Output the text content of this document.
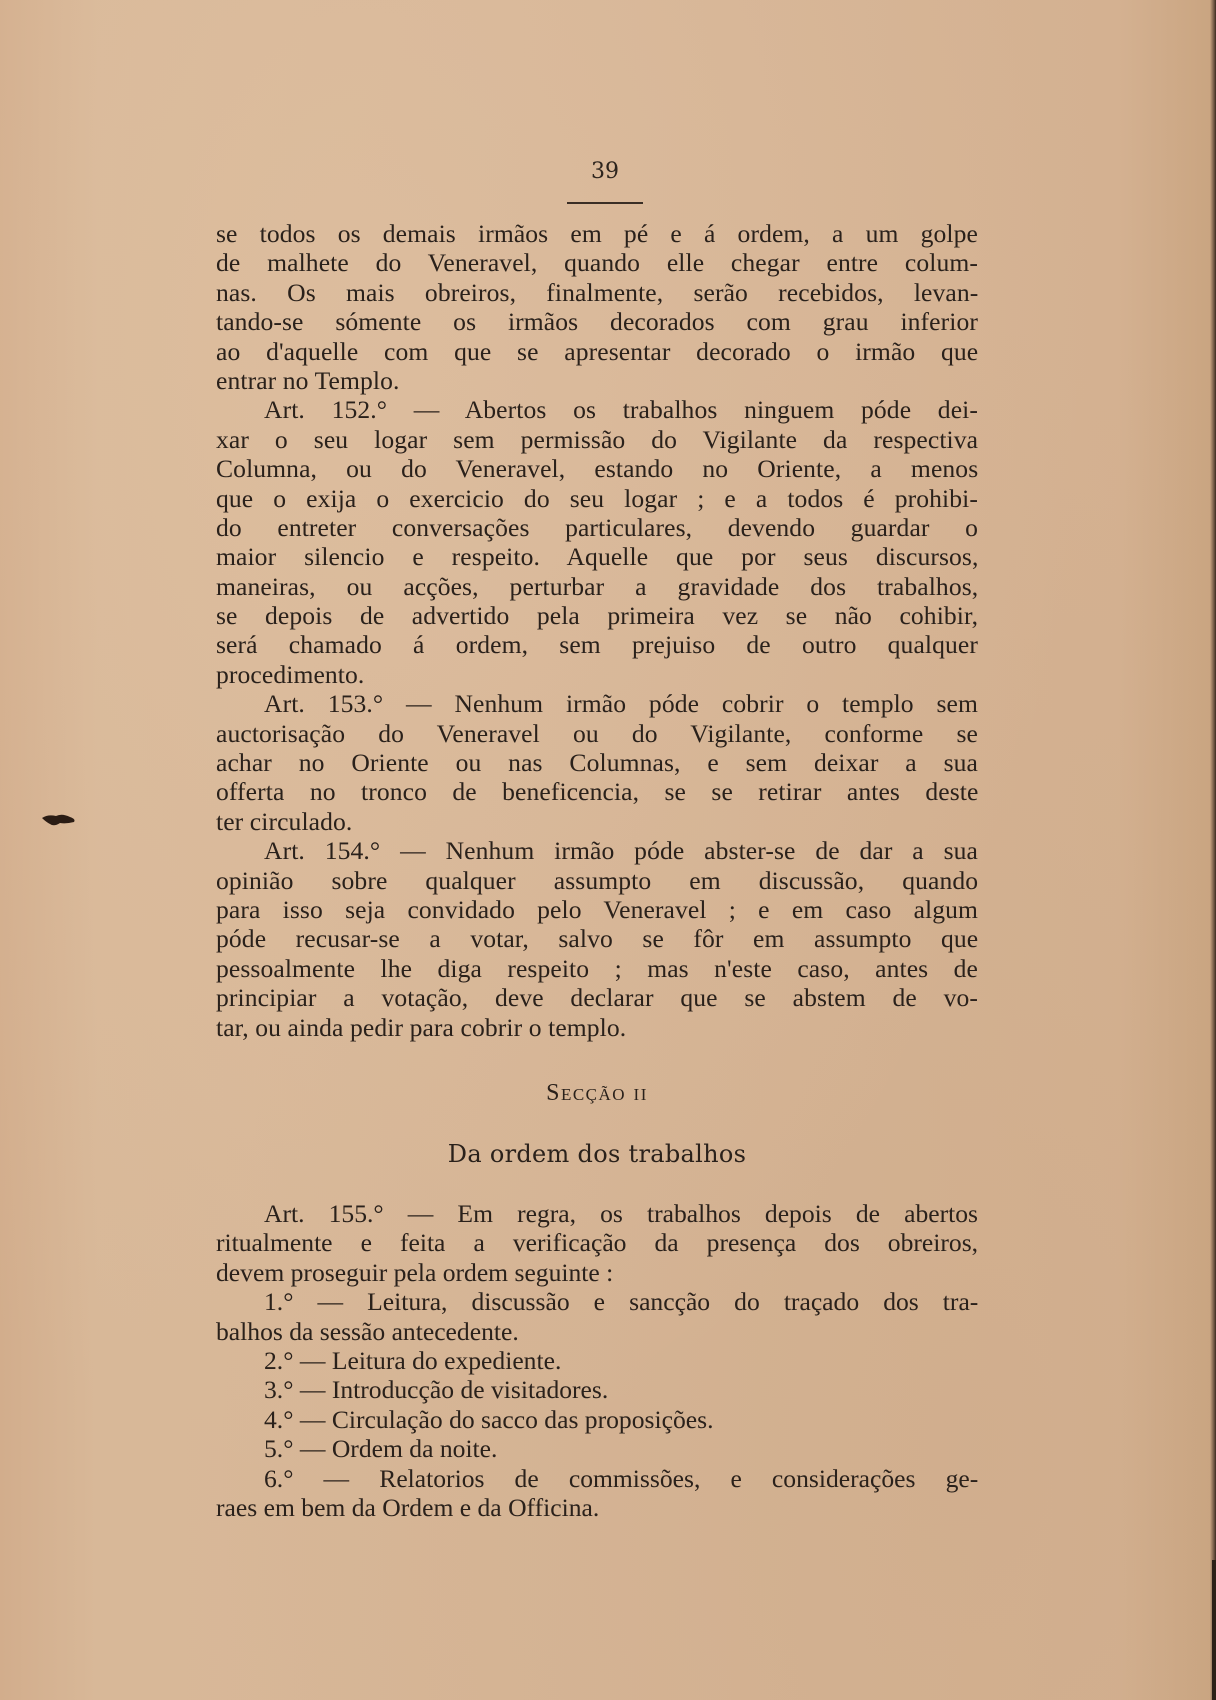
39
se todos os demais irmãos em pé e á ordem, a um golpe
de malhete do Veneravel, quando elle chegar entre colum-
nas. Os mais obreiros, finalmente, serão recebidos, levan-
tando-se sómente os irmãos decorados com grau inferior
ao d'aquelle com que se apresentar decorado o irmão que
entrar no Templo.
Art. 152.° — Abertos os trabalhos ninguem póde dei-
xar o seu logar sem permissão do Vigilante da respectiva
Columna, ou do Veneravel, estando no Oriente, a menos
que o exija o exercicio do seu logar ; e a todos é prohibi-
do entreter conversações particulares, devendo guardar o
maior silencio e respeito. Aquelle que por seus discursos,
maneiras, ou acções, perturbar a gravidade dos trabalhos,
se depois de advertido pela primeira vez se não cohibir,
será chamado á ordem, sem prejuiso de outro qualquer
procedimento.
Art. 153.° — Nenhum irmão póde cobrir o templo sem
auctorisação do Veneravel ou do Vigilante, conforme se
achar no Oriente ou nas Columnas, e sem deixar a sua
offerta no tronco de beneficencia, se se retirar antes deste
ter circulado.
Art. 154.° — Nenhum irmão póde abster-se de dar a sua
opinião sobre qualquer assumpto em discussão, quando
para isso seja convidado pelo Veneravel ; e em caso algum
póde recusar-se a votar, salvo se fôr em assumpto que
pessoalmente lhe diga respeito ; mas n'este caso, antes de
principiar a votação, deve declarar que se abstem de vo-
tar, ou ainda pedir para cobrir o templo.
Secção ii
Da ordem dos trabalhos
Art. 155.° — Em regra, os trabalhos depois de abertos
ritualmente e feita a verificação da presença dos obreiros,
devem proseguir pela ordem seguinte :
1.° — Leitura, discussão e sancção do traçado dos tra-
balhos da sessão antecedente.
2.° — Leitura do expediente.
3.° — Introducção de visitadores.
4.° — Circulação do sacco das proposições.
5.° — Ordem da noite.
6.° — Relatorios de commissões, e considerações ge-
raes em bem da Ordem e da Officina.
